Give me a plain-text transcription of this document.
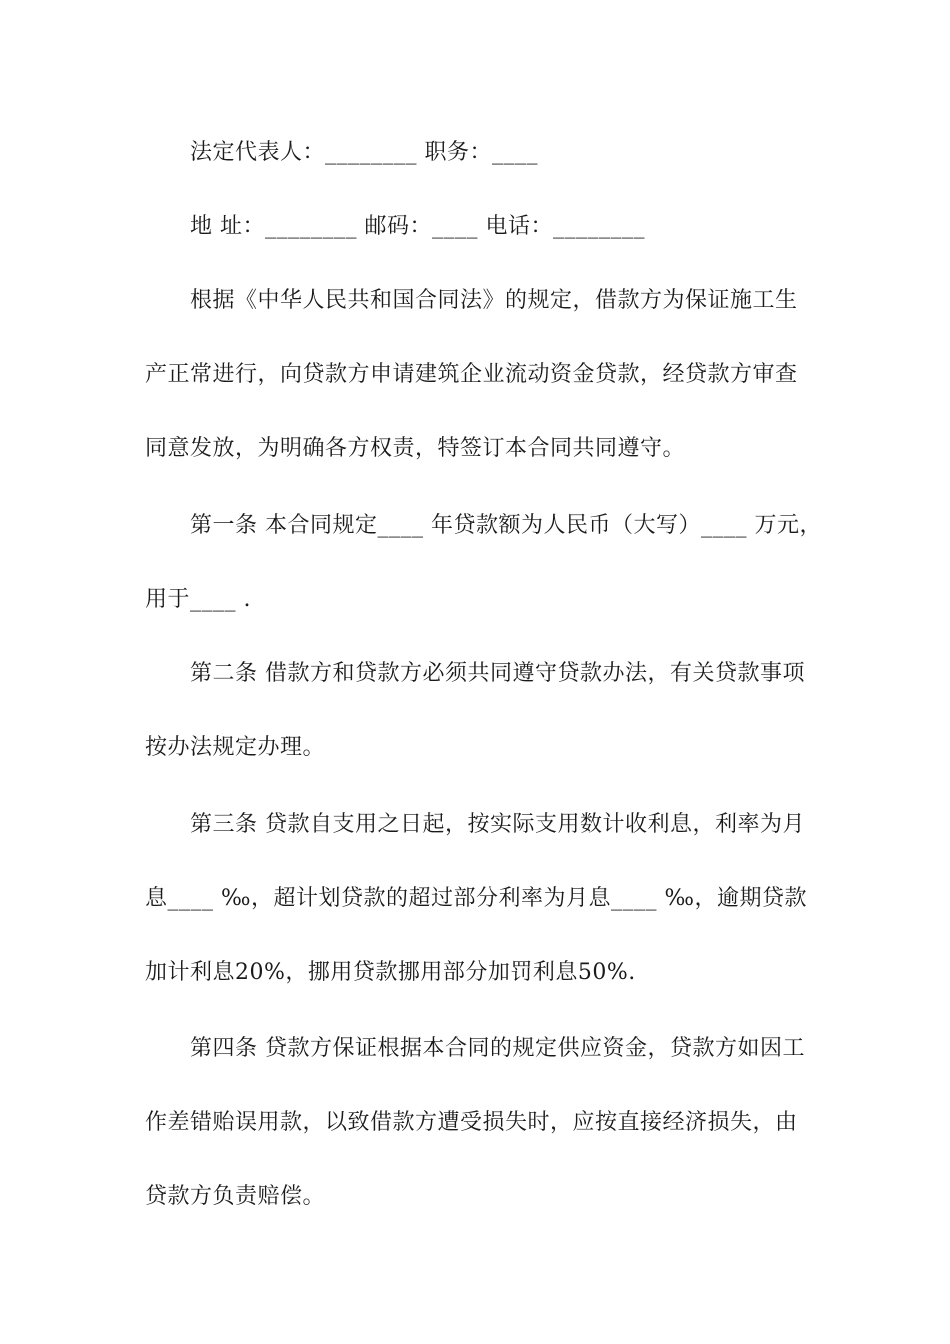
法定代表人：________ 职务：____
地 址：________ 邮码：____ 电话：________
根据《中华人民共和国合同法》的规定，借款方为保证施工生
产正常进行，向贷款方申请建筑企业流动资金贷款，经贷款方审查
同意发放，为明确各方权责，特签订本合同共同遵守。
第一条 本合同规定____ 年贷款额为人民币（大写）____ 万元，
用于____ .
第二条 借款方和贷款方必须共同遵守贷款办法，有关贷款事项
按办法规定办理。
第三条 贷款自支用之日起，按实际支用数计收利息，利率为月
息____ ‰，超计划贷款的超过部分利率为月息____ ‰，逾期贷款
加计利息20%，挪用贷款挪用部分加罚利息50%.
第四条 贷款方保证根据本合同的规定供应资金，贷款方如因工
作差错贻误用款，以致借款方遭受损失时，应按直接经济损失，由
贷款方负责赔偿。
